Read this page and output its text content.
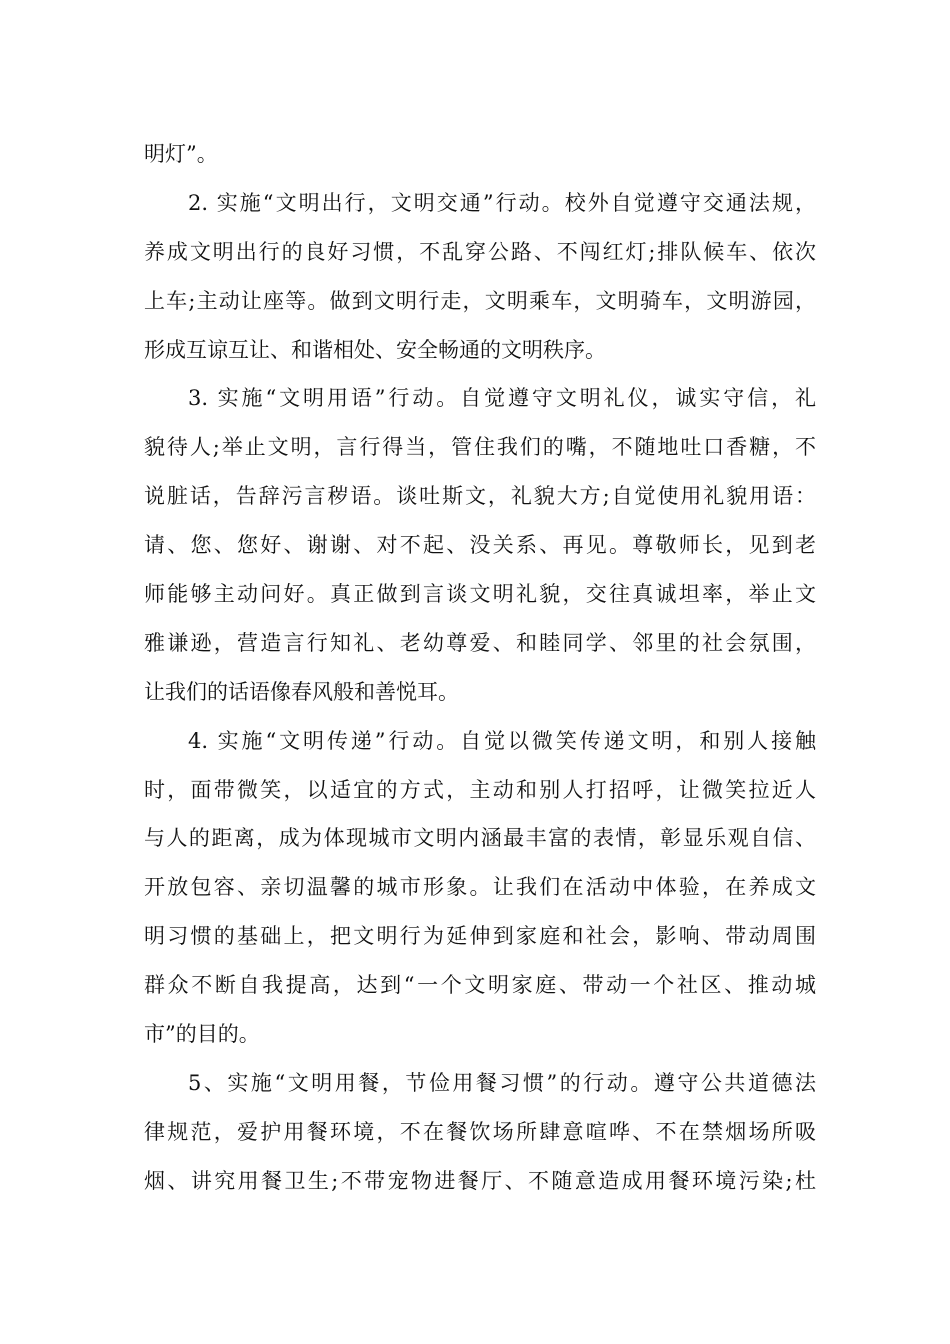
明灯”。
2. 实施“文明出行，文明交通”行动。校外自觉遵守交通法规，
养成文明出行的良好习惯，不乱穿公路、不闯红灯;排队候车、依次
上车;主动让座等。做到文明行走，文明乘车，文明骑车，文明游园，
形成互谅互让、和谐相处、安全畅通的文明秩序。
3. 实施“文明用语”行动。自觉遵守文明礼仪，诚实守信，礼
貌待人;举止文明，言行得当，管住我们的嘴，不随地吐口香糖，不
说脏话，告辞污言秽语。谈吐斯文，礼貌大方;自觉使用礼貌用语：
请、您、您好、谢谢、对不起、没关系、再见。尊敬师长，见到老
师能够主动问好。真正做到言谈文明礼貌，交往真诚坦率，举止文
雅谦逊，营造言行知礼、老幼尊爱、和睦同学、邻里的社会氛围，
让我们的话语像春风般和善悦耳。
4. 实施“文明传递”行动。自觉以微笑传递文明，和别人接触
时，面带微笑，以适宜的方式，主动和别人打招呼，让微笑拉近人
与人的距离，成为体现城市文明内涵最丰富的表情，彰显乐观自信、
开放包容、亲切温馨的城市形象。让我们在活动中体验，在养成文
明习惯的基础上，把文明行为延伸到家庭和社会，影响、带动周围
群众不断自我提高，达到“一个文明家庭、带动一个社区、推动城
市”的目的。
5、实施“文明用餐，节俭用餐习惯”的行动。遵守公共道德法
律规范，爱护用餐环境，不在餐饮场所肆意喧哗、不在禁烟场所吸
烟、讲究用餐卫生;不带宠物进餐厅、不随意造成用餐环境污染;杜
